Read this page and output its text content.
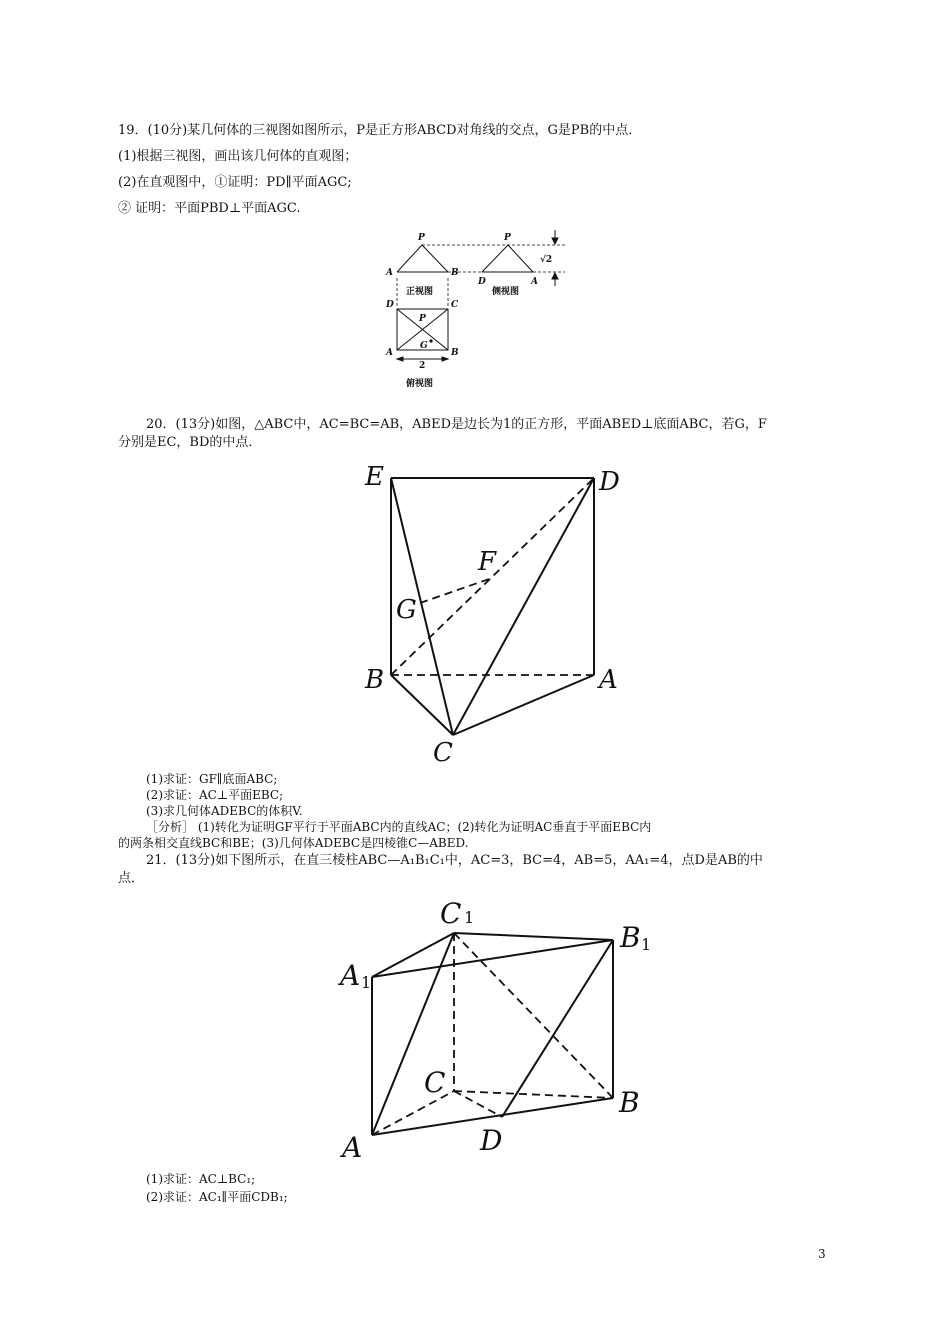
19．(10分)某几何体的三视图如图所示，P是正方形ABCD对角线的交点，G是PB的中点．
(1)根据三视图，画出该几何体的直观图；
(2)在直观图中，①证明：PD∥平面AGC;
② 证明：平面PBD⊥平面AGC.
P
A	B
P
D	A
D	C
P
G
A	B
2
√2
正视图	侧视图
俯视图
20．(13分)如图，△ABC中，AC=BC=AB，ABED是边长为1的正方形，平面ABED⊥底面ABC，若G，F
分别是EC，BD的中点．
E	D
F
G
B	A
C
(1)求证：GF∥底面ABC;
(2)求证：AC⊥平面EBC;
(3)求几何体ADEBC的体积V.
［分析］ (1)转化为证明GF平行于平面ABC内的直线AC；(2)转化为证明AC垂直于平面EBC内
的两条相交直线BC和BE；(3)几何体ADEBC是四棱锥C—ABED.
21．(13分)如下图所示，在直三棱柱ABC—A₁B₁C₁中，AC=3，BC=4，AB=5，AA₁=4，点D是AB的中
点．
C
B
A
C
B
A	D
1
1
1
(1)求证：AC⊥BC₁;
(2)求证：AC₁∥平面CDB₁;
3
